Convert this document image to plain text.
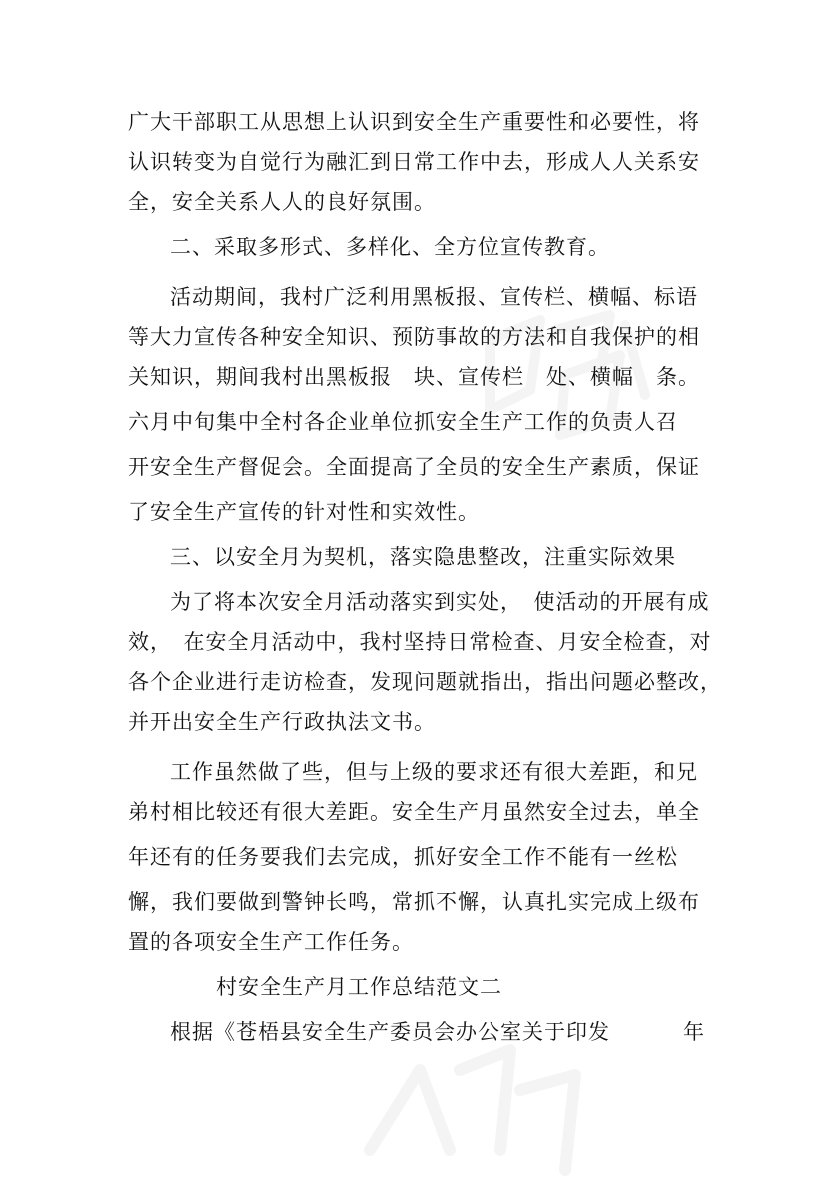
广大干部职工从思想上认识到安全生产重要性和必要性，将
认识转变为自觉行为融汇到日常工作中去，形成人人关系安
全，安全关系人人的良好氛围。
二、采取多形式、多样化、全方位宣传教育。
活动期间，我村广泛利用黑板报、宣传栏、横幅、标语
等大力宣传各种安全知识、预防事故的方法和自我保护的相
关知识，期间我村出黑板报　块、宣传栏　处、横幅　条。
六月中旬集中全村各企业单位抓安全生产工作的负责人召
开安全生产督促会。全面提高了全员的安全生产素质，保证
了安全生产宣传的针对性和实效性。
三、以安全月为契机，落实隐患整改，注重实际效果
为了将本次安全月活动落实到实处，　使活动的开展有成
效，　在安全月活动中，我村坚持日常检查、月安全检查，对
各个企业进行走访检查，发现问题就指出，指出问题必整改，
并开出安全生产行政执法文书。
工作虽然做了些，但与上级的要求还有很大差距，和兄
弟村相比较还有很大差距。安全生产月虽然安全过去，单全
年还有的任务要我们去完成，抓好安全工作不能有一丝松
懈，我们要做到警钟长鸣，常抓不懈，认真扎实完成上级布
置的各项安全生产工作任务。
村安全生产月工作总结范文二
根据《苍梧县安全生产委员会办公室关于印发	年
